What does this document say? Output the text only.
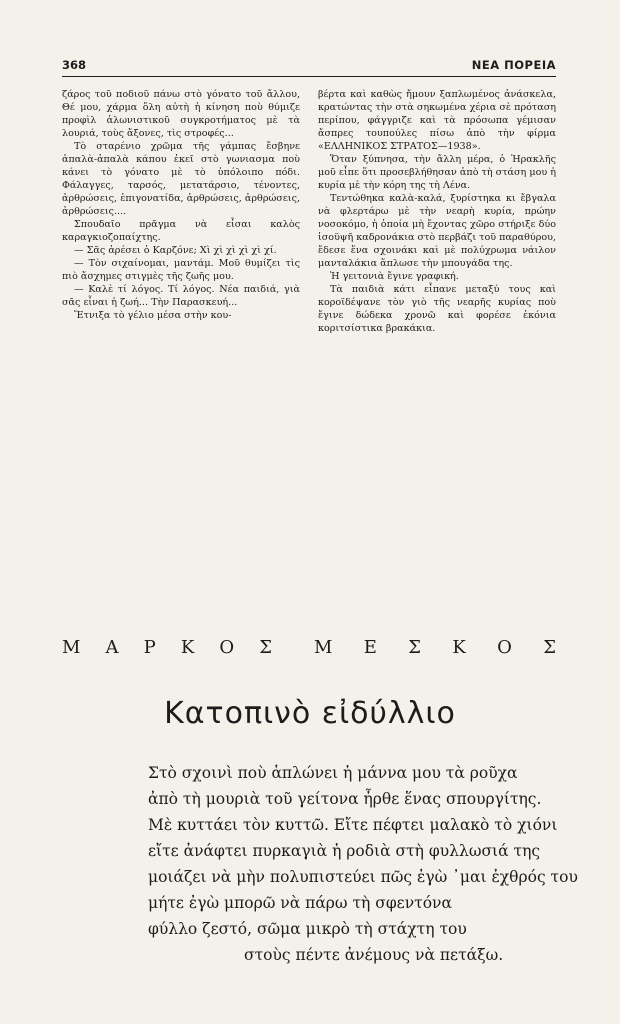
368	ΝΕΑ ΠΟΡΕΙΑ

ζάρος τοῦ ποδιοῦ πάνω στὸ γόνατο τοῦ ἄλλου, Θέ μου, χάρμα ὅλη αὐτὴ ἡ κίνηση ποὺ θύμιζε προφὶλ ἀλωνιστικοῦ συγκροτήματος μὲ τὰ λουριά, τοὺς ἄξονες, τὶς στροφές...

Τὸ σταρένιο χρῶμα τῆς γάμπας ἔσβηνε ἁπαλὰ-ἁπαλὰ κάπου ἐκεῖ στὸ γωνιασμα ποὺ κάνει τὸ γόνατο μὲ τὸ ὑπόλοιπο πόδι. Φάλαγγες, ταρσός, μετατάρσιο, τένοντες, ἀρθρώσεις, ἐπιγονατίδα, ἀρθρώσεις, ἀρθρώσεις, ἀρθρώσεις....

Σπουδαῖο πρᾶγμα νὰ εἶσαι καλὸς καραγκιοζοπαίχτης.

— Σᾶς ἀρέσει ὁ Καρζόνε; Χὶ χὶ χὶ χὶ χὶ χί.

— Τὸν σιχαίνομαι, μαντάμ. Μοῦ θυμίζει τὶς πιὸ ἄσχημες στιγμὲς τῆς ζωῆς μου.

— Καλὲ τί λόγος. Τί λόγος. Νέα παιδιά, γιὰ σᾶς εἶναι ἡ ζωή... Τὴν Παρασκευή...

Ἔτνιξα τὸ γέλιο μέσα στὴν κου-

βέρτα καὶ καθὼς ἤμουν ξαπλωμένος ἀνάσκελα, κρατώντας τὴν στὰ σηκωμένα χέρια σὲ πρόταση περίπου, φάγγριζε καὶ τὰ πρόσωπα γέμισαν ἄσπρες τουπούλες πίσω ἀπὸ τὴν φίρμα «ΕΛΛΗΝΙΚΟΣ ΣΤΡΑΤΟΣ—1938».

Ὅταν ξύπνησα, τὴν ἄλλη μέρα, ὁ Ἡρακλῆς μοῦ εἶπε ὅτι προσεβλήθησαν ἀπὸ τὴ στάση μου ἡ κυρία μὲ τὴν κόρη της τὴ Λένα.

Τεντώθηκα καλὰ-καλά, ξυρίστηκα κι ἔβγαλα νὰ φλερτάρω μὲ τὴν νεαρὴ κυρία, πρώην νοσοκόμο, ἡ ὁποία μὴ ἔχοντας χῶρο στήριξε δύο ἰσοϋψῆ καδρονάκια στὸ περβάζι τοῦ παραθύρου, ἔδεσε ἕνα σχοινάκι καὶ μὲ πολύχρωμα νάιλον μανταλάκια ἅπλωσε τὴν μπουγάδα της.

Ἡ γειτονιὰ ἔγινε γραφική.

Τὰ παιδιὰ κάτι εἶπανε μεταξύ τους καὶ κοροϊδέψανε τὸν γιὸ τῆς νεαρῆς κυρίας ποὺ ἔγινε δώδεκα χρονῶ καὶ φορέσε ἐκόνια κοριτσίστικα βρακάκια.

Μ Α Ρ Κ Ο Σ Μ Ε Σ Κ Ο Σ
Κατοπινὸ εἰδύλλιο
Στὸ σχοινὶ ποὺ ἁπλώνει ἡ μάννα μου τὰ ροῦχα
ἀπὸ τὴ μουριὰ τοῦ γείτονα ἦρθε ἕνας σπουργίτης.
Μὲ κυττάει τὸν κυττῶ. Εἴτε πέφτει μαλακὸ τὸ χιόνι
εἴτε ἀνάφτει πυρκαγιὰ ἡ ροδιὰ στὴ φυλλωσιά της
μοιάζει νὰ μὴν πολυπιστεύει πῶς ἐγὼ ᾿μαι ἐχθρός του
μήτε ἐγὼ μπορῶ νὰ πάρω τὴ σφεντόνα
φύλλο ζεστό, σῶμα μικρὸ τὴ στάχτη του
στοὺς πέντε ἀνέμους νὰ πετάξω.
